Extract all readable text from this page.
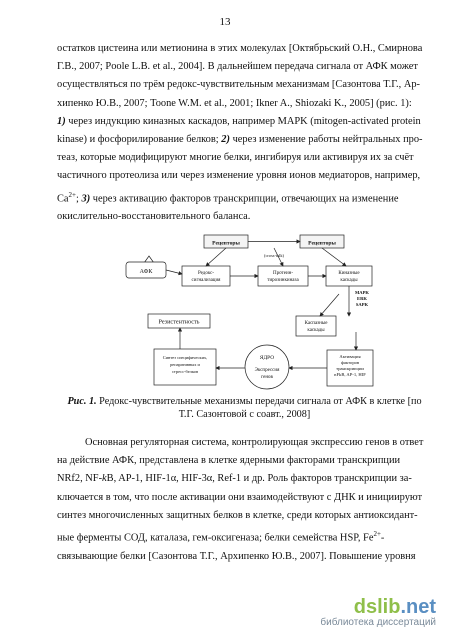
13

остатков цистеина или метионина в этих молекулах [Октябрьский О.Н., Смирнова

Г.В., 2007; Poole L.B. et al., 2004]. В дальнейшем передача сигнала от АФК может

осуществляться по трём редокс-чувствительным механизмам [Сазонтова Т.Г., Ар-

хипенко Ю.В., 2007; Toone W.M. et al., 2001; Ikner A., Shiozaki K., 2005] (рис. 1):

1) через индукцию киназных каскадов, например MAPK (mitogen-activated protein

kinase) и фосфорилирование белков; 2) через изменение работы нейтральных про-

теаз, которые модифицируют многие белки, ингибируя или активируя их за счёт

частичного протеолиза или через изменение уровня ионов медиаторов, например,

$Ca^{2+}$; 3) через активацию факторов транскрипции, отвечающих на изменение

окислительно-восстановительного баланса.

Рецепторы	Рецепторы
(cross-talk)
АФК	Редокс-
сигнализация
Протеин-
тирозинкиназа
Киназные
каскады
MAPK
ERK
SAPK
Резистентность	Каспазные
каскады
Синтез специфических,
репаративных и
стресс-белков
ЯДРО
Экспрессия
генов
Активация
факторов
транскрипции
nFkB, AP-1, HIF
Рис. 1. Редокс-чувствительные механизмы передачи сигнала от АФК в клетке [по
Т.Г. Сазонтовой с соавт., 2008]

Основная регуляторная система, контролирующая экспрессию генов в ответ

на действие АФК, представлена в клетке ядерными факторами транскрипции

NRf2, NF-kB, AP-1, HIF-1α, HIF-3α, Ref-1 и др. Роль факторов транскрипции за-

ключается в том, что после активации они взаимодействуют с ДНК и инициируют

синтез многочисленных защитных белков в клетке, среди которых антиоксидант-

ные ферменты СОД, каталаза, гем-оксигеназа; белки семейства HSP, $Fe^{2+}-$

связывающие белки [Сазонтова Т.Г., Архипенко Ю.В., 2007]. Повышение уровня

dslib.net
библиотека диссертаций
